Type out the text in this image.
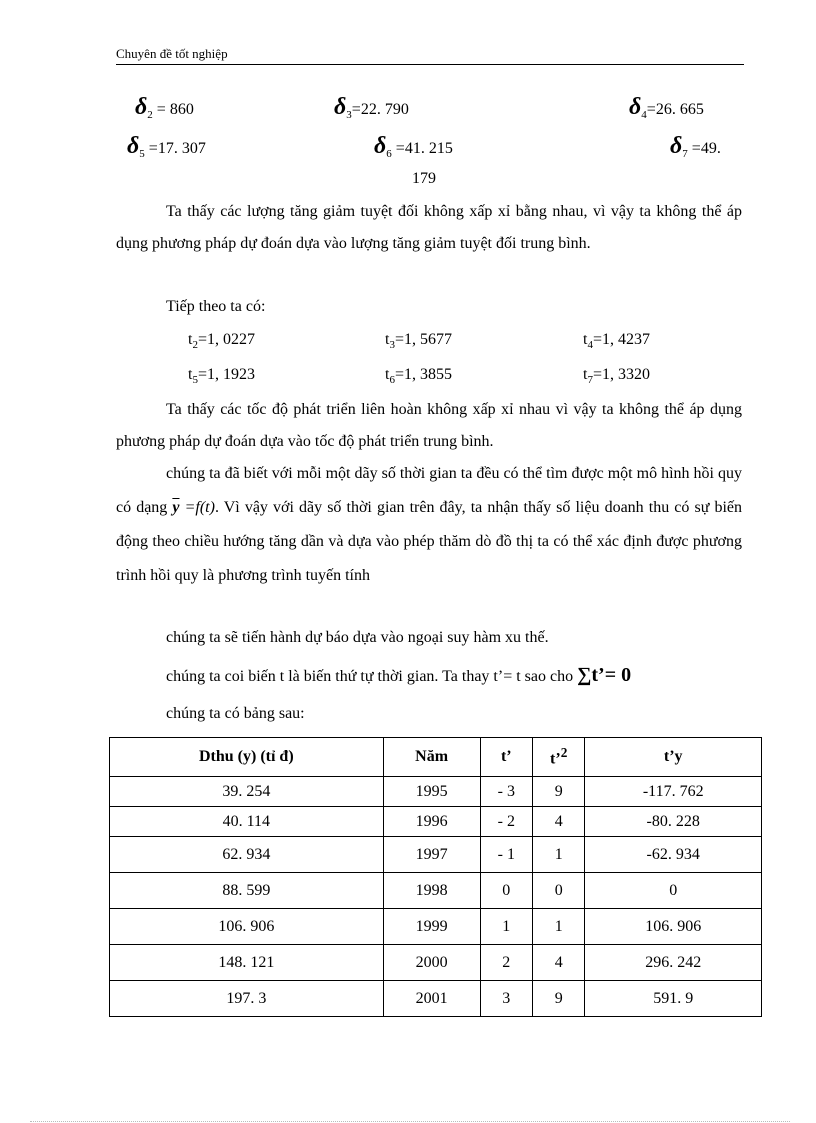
Chuyên đề tốt nghiệp
$\delta_2 = 860$	$\delta_3=22$. 790	$\delta_4=26$. 665
$\delta_5 =17$. 307	$\delta_6 =41$. 215	$\delta_7 =49$.
179
Ta thấy các lượng tăng giảm tuyệt đối không xấp xỉ bằng nhau, vì vậy ta không thể áp dụng phương pháp dự đoán dựa vào lượng tăng giảm tuyệt đối trung bình.
Tiếp theo ta có:
$t_2=1$, 0227	$t_3=1$, 5677	$t_4=1$, 4237
$t_5=1$, 1923	$t_6=1$, 3855	$t_7=1$, 3320
Ta thấy các tốc độ phát triển liên hoàn không xấp xỉ nhau vì vậy ta không thể áp dụng phương pháp dự đoán dựa vào tốc độ phát triển trung bình.
chúng ta đã biết với mỗi một dãy số thời gian ta đều có thể tìm được một mô hình hồi quy có dạng $\overline{y} =f(t)$. Vì vậy với dãy số thời gian trên đây, ta nhận thấy số liệu doanh thu có sự biến động theo chiều hướng tăng dần và dựa vào phép thăm dò đồ thị ta có thể xác định được phương trình hồi quy là phương trình tuyến tính
chúng ta sẽ tiến hành dự báo dựa vào ngoại suy hàm xu thế.
chúng ta coi biến t là biến thứ tự thời gian. Ta thay t’= t sao cho ∑t’= 0
chúng ta có bảng sau:
Dthu (y) (tỉ đ)	Năm	t’	t’$^2$	t’y
39. 254	1995	- 3	9	-117. 762
40. 114	1996	- 2	4	-80. 228
62. 934	1997	- 1	1	-62. 934
88. 599	1998	0	0	0
106. 906	1999	1	1	106. 906
148. 121	2000	2	4	296. 242
197. 3	2001	3	9	591. 9
